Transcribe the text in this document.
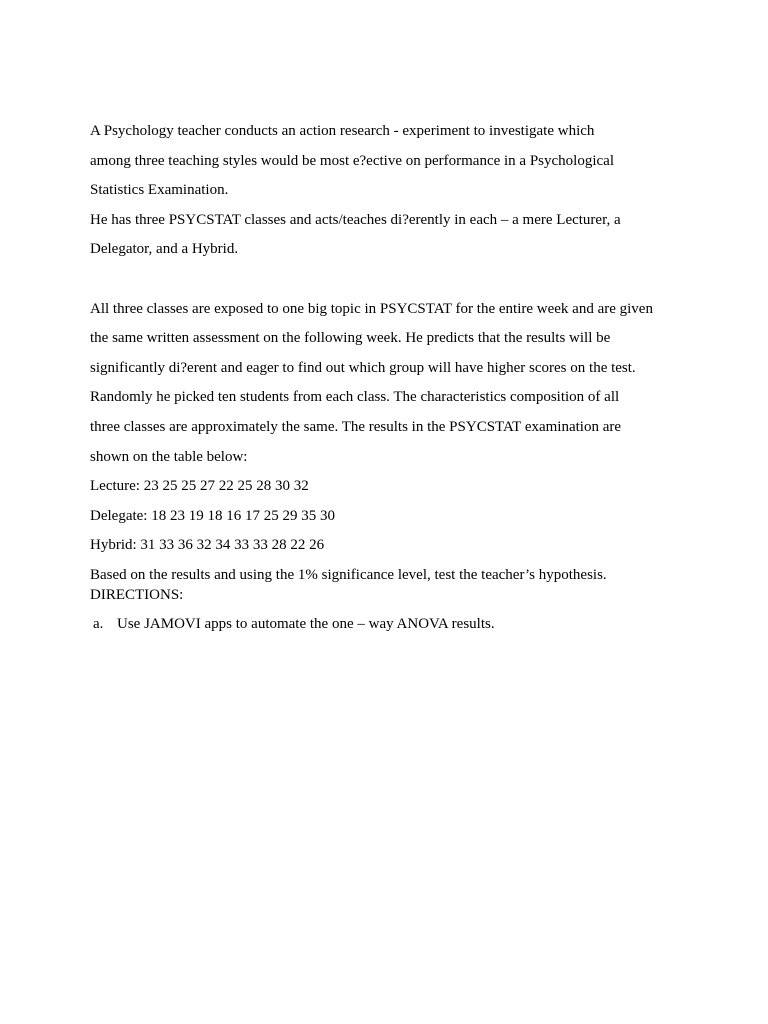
A Psychology teacher conducts an action research - experiment to investigate which
among three teaching styles would be most e?ective on performance in a Psychological
Statistics Examination.
He has three PSYCSTAT classes and acts/teaches di?erently in each – a mere Lecturer, a
Delegator, and a Hybrid.
All three classes are exposed to one big topic in PSYCSTAT for the entire week and are given
the same written assessment on the following week. He predicts that the results will be
significantly di?erent and eager to find out which group will have higher scores on the test.
Randomly he picked ten students from each class. The characteristics composition of all
three classes are approximately the same. The results in the PSYCSTAT examination are
shown on the table below:
Lecture: 23 25 25 27 22 25 28 30 32
Delegate: 18 23 19 18 16 17 25 29 35 30
Hybrid: 31 33 36 32 34 33 33 28 22 26
Based on the results and using the 1% significance level, test the teacher’s hypothesis.
DIRECTIONS:
a. Use JAMOVI apps to automate the one – way ANOVA results.
